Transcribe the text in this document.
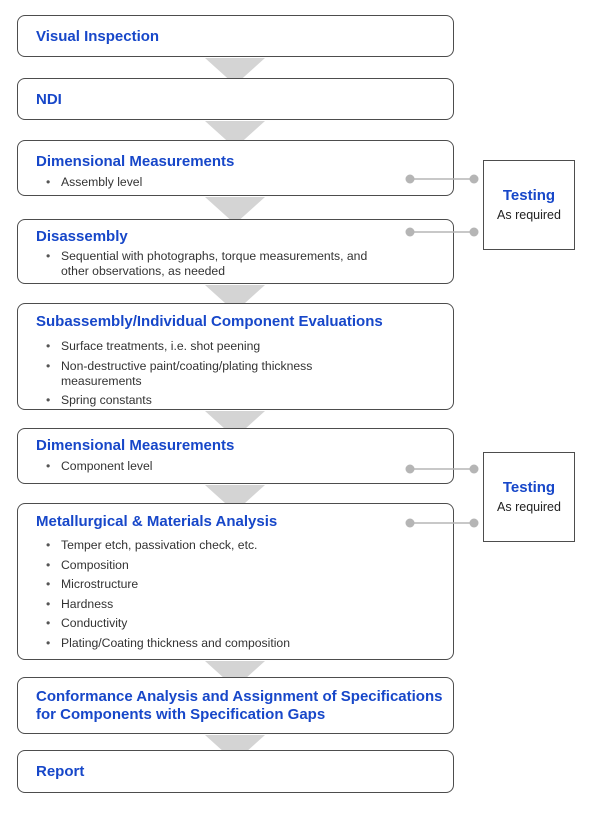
Visual Inspection

NDI

Dimensional Measurements

• Assembly level

Disassembly

• Sequential with photographs, torque measurements, and other observations, as needed

Subassembly/Individual Component Evaluations

• Surface treatments, i.e. shot peening
• Non-destructive paint/coating/plating thickness measurements
• Spring constants

Dimensional Measurements

• Component level

Metallurgical & Materials Analysis

• Temper etch, passivation check, etc.
• Composition
• Microstructure
• Hardness
• Conductivity
• Plating/Coating thickness and composition

Conformance Analysis and Assignment of Specifications

for Components with Specification Gaps

Report

Testing
As required
Testing
As required
